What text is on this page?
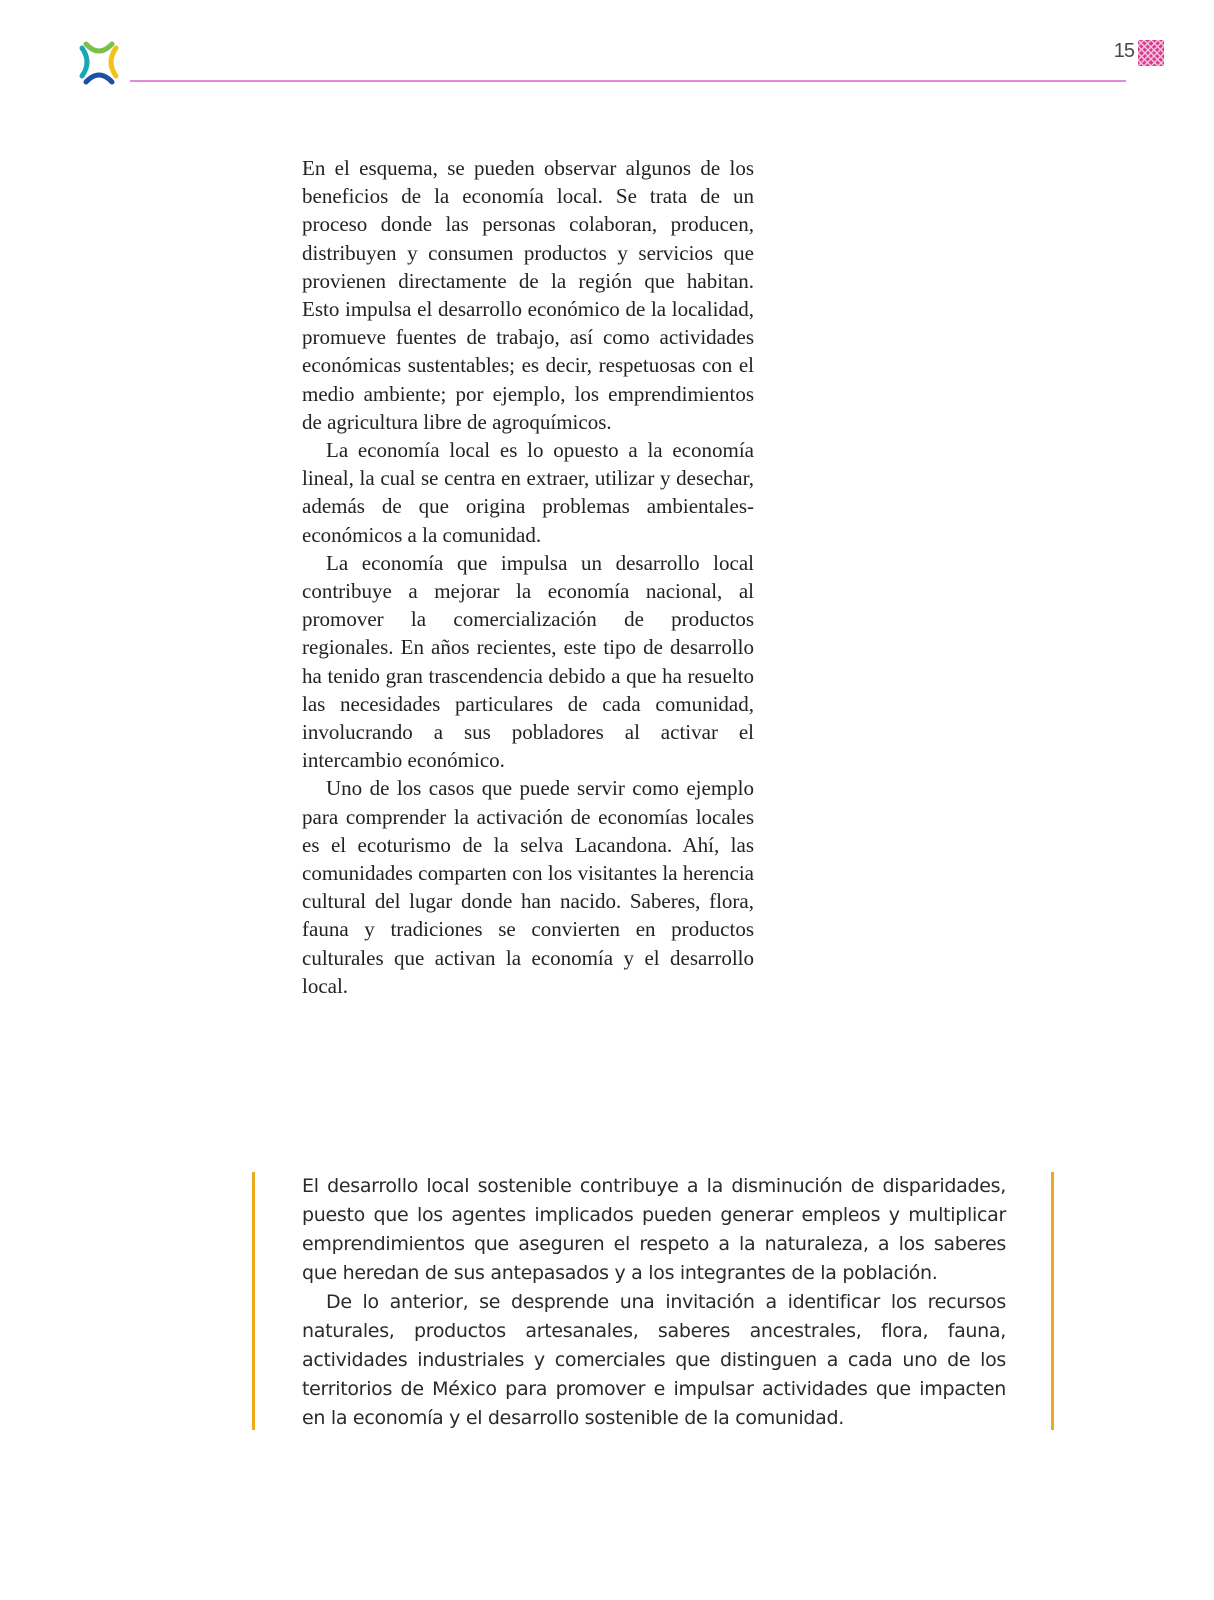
15

En el esquema, se pueden observar algunos de los beneficios de la economía local. Se trata de un proceso donde las personas colaboran, producen, distribuyen y consumen productos y servicios que provienen directamente de la región que habitan. Esto impulsa el desarrollo económico de la localidad, promueve fuentes de trabajo, así como actividades económicas sustentables; es decir, respetuosas con el medio ambiente; por ejemplo, los emprendimientos de agricultura libre de agroquímicos.

La economía local es lo opuesto a la economía lineal, la cual se centra en extraer, utilizar y desechar, además de que origina problemas ambientales-económicos a la comunidad.

La economía que impulsa un desarrollo local contribuye a mejorar la economía nacional, al promover la comercialización de productos regionales. En años recientes, este tipo de desarrollo ha tenido gran trascendencia debido a que ha resuelto las necesidades particulares de cada comunidad, involucrando a sus pobladores al activar el intercambio económico.

Uno de los casos que puede servir como ejemplo para comprender la activación de economías locales es el ecoturismo de la selva Lacandona. Ahí, las comunidades comparten con los visitantes la herencia cultural del lugar donde han nacido. Saberes, flora, fauna y tradiciones se convierten en productos culturales que activan la economía y el desarrollo local.

El desarrollo local sostenible contribuye a la disminución de disparidades, puesto que los agentes implicados pueden generar empleos y multiplicar emprendimientos que aseguren el respeto a la naturaleza, a los saberes que heredan de sus antepasados y a los integrantes de la población.

De lo anterior, se desprende una invitación a identificar los recursos naturales, productos artesanales, saberes ancestrales, flora, fauna, actividades industriales y comerciales que distinguen a cada uno de los territorios de México para promover e impulsar actividades que impacten en la economía y el desarrollo sostenible de la comunidad.
